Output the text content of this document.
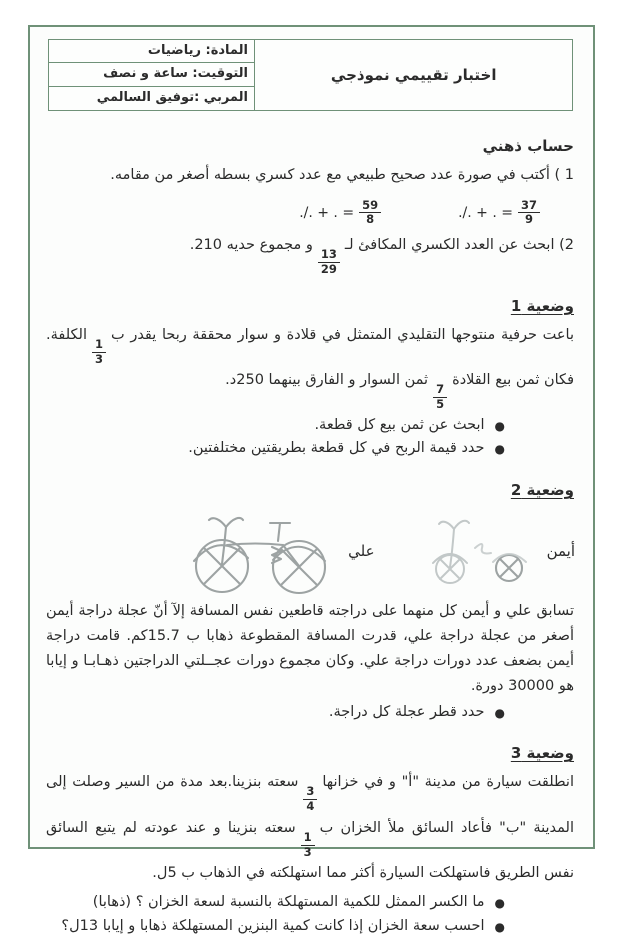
المادة: رياضيات
التوقيت: ساعة و نصف
المربي :توفيق السالمي
اختبار تقييمي نموذجي
حساب ذهني
1 ) أكتب في صورة عدد صحيح طبيعي مع عدد كسري بسطه أصغر من مقامه.
./. + . = $\frac{59}{8}$	./. + . = $\frac{37}{9}$
2) ابحث عن العدد الكسري المكافئ لـ
$\frac{13}{29}$
و مجموع حديه 210.
وضعية 1
باعت حرفية منتوجها التقليدي المتمثل في قلادة و سوار محققة ربحا يقدر ب
$\frac{1}{3}$
الكلفة. فكان ثمن بيع القلادة
$\frac{7}{5}$
ثمن السوار و الفارق بينهما 250د.
●
ابحث عن ثمن بيع كل قطعة.
●
حدد قيمة الربح في كل قطعة بطريقتين مختلفتين.
وضعية 2
أيمن
علي
تسابق علي و أيمن كل منهما على دراجته قاطعين نفس المسافة إلآ أنّ عجلة دراجة أيمن أصغر من عجلة دراجة علي، قدرت المسافة المقطوعة ذهابا ب 15.7كم. قامت دراجة أيمن بضعف عدد دورات دراجة علي. وكان مجموع دورات عجــلتي الدراجتين ذهـابـا و إيابا هو 30000 دورة.
●
حدد قطر عجلة كل دراجة.
وضعية 3
انطلقت سيارة من مدينة "أ" و في خزانها
$\frac{3}{4}$
سعته بنزينا.بعد مدة من السير وصلت إلى المدينة "ب" فأعاد السائق ملأ الخزان ب
$\frac{1}{3}$
سعته بنزينا و عند عودته لم يتبع السائق نفس الطريق فاستهلكت السيارة أكثر مما استهلكته في الذهاب ب 5ل.
●
ما الكسر الممثل للكمية المستهلكة بالنسبة لسعة الخزان ؟ (ذهابا)
●
احسب سعة الخزان إذا كانت كمية البنزين المستهلكة ذهابا و إيابا 13ل؟
